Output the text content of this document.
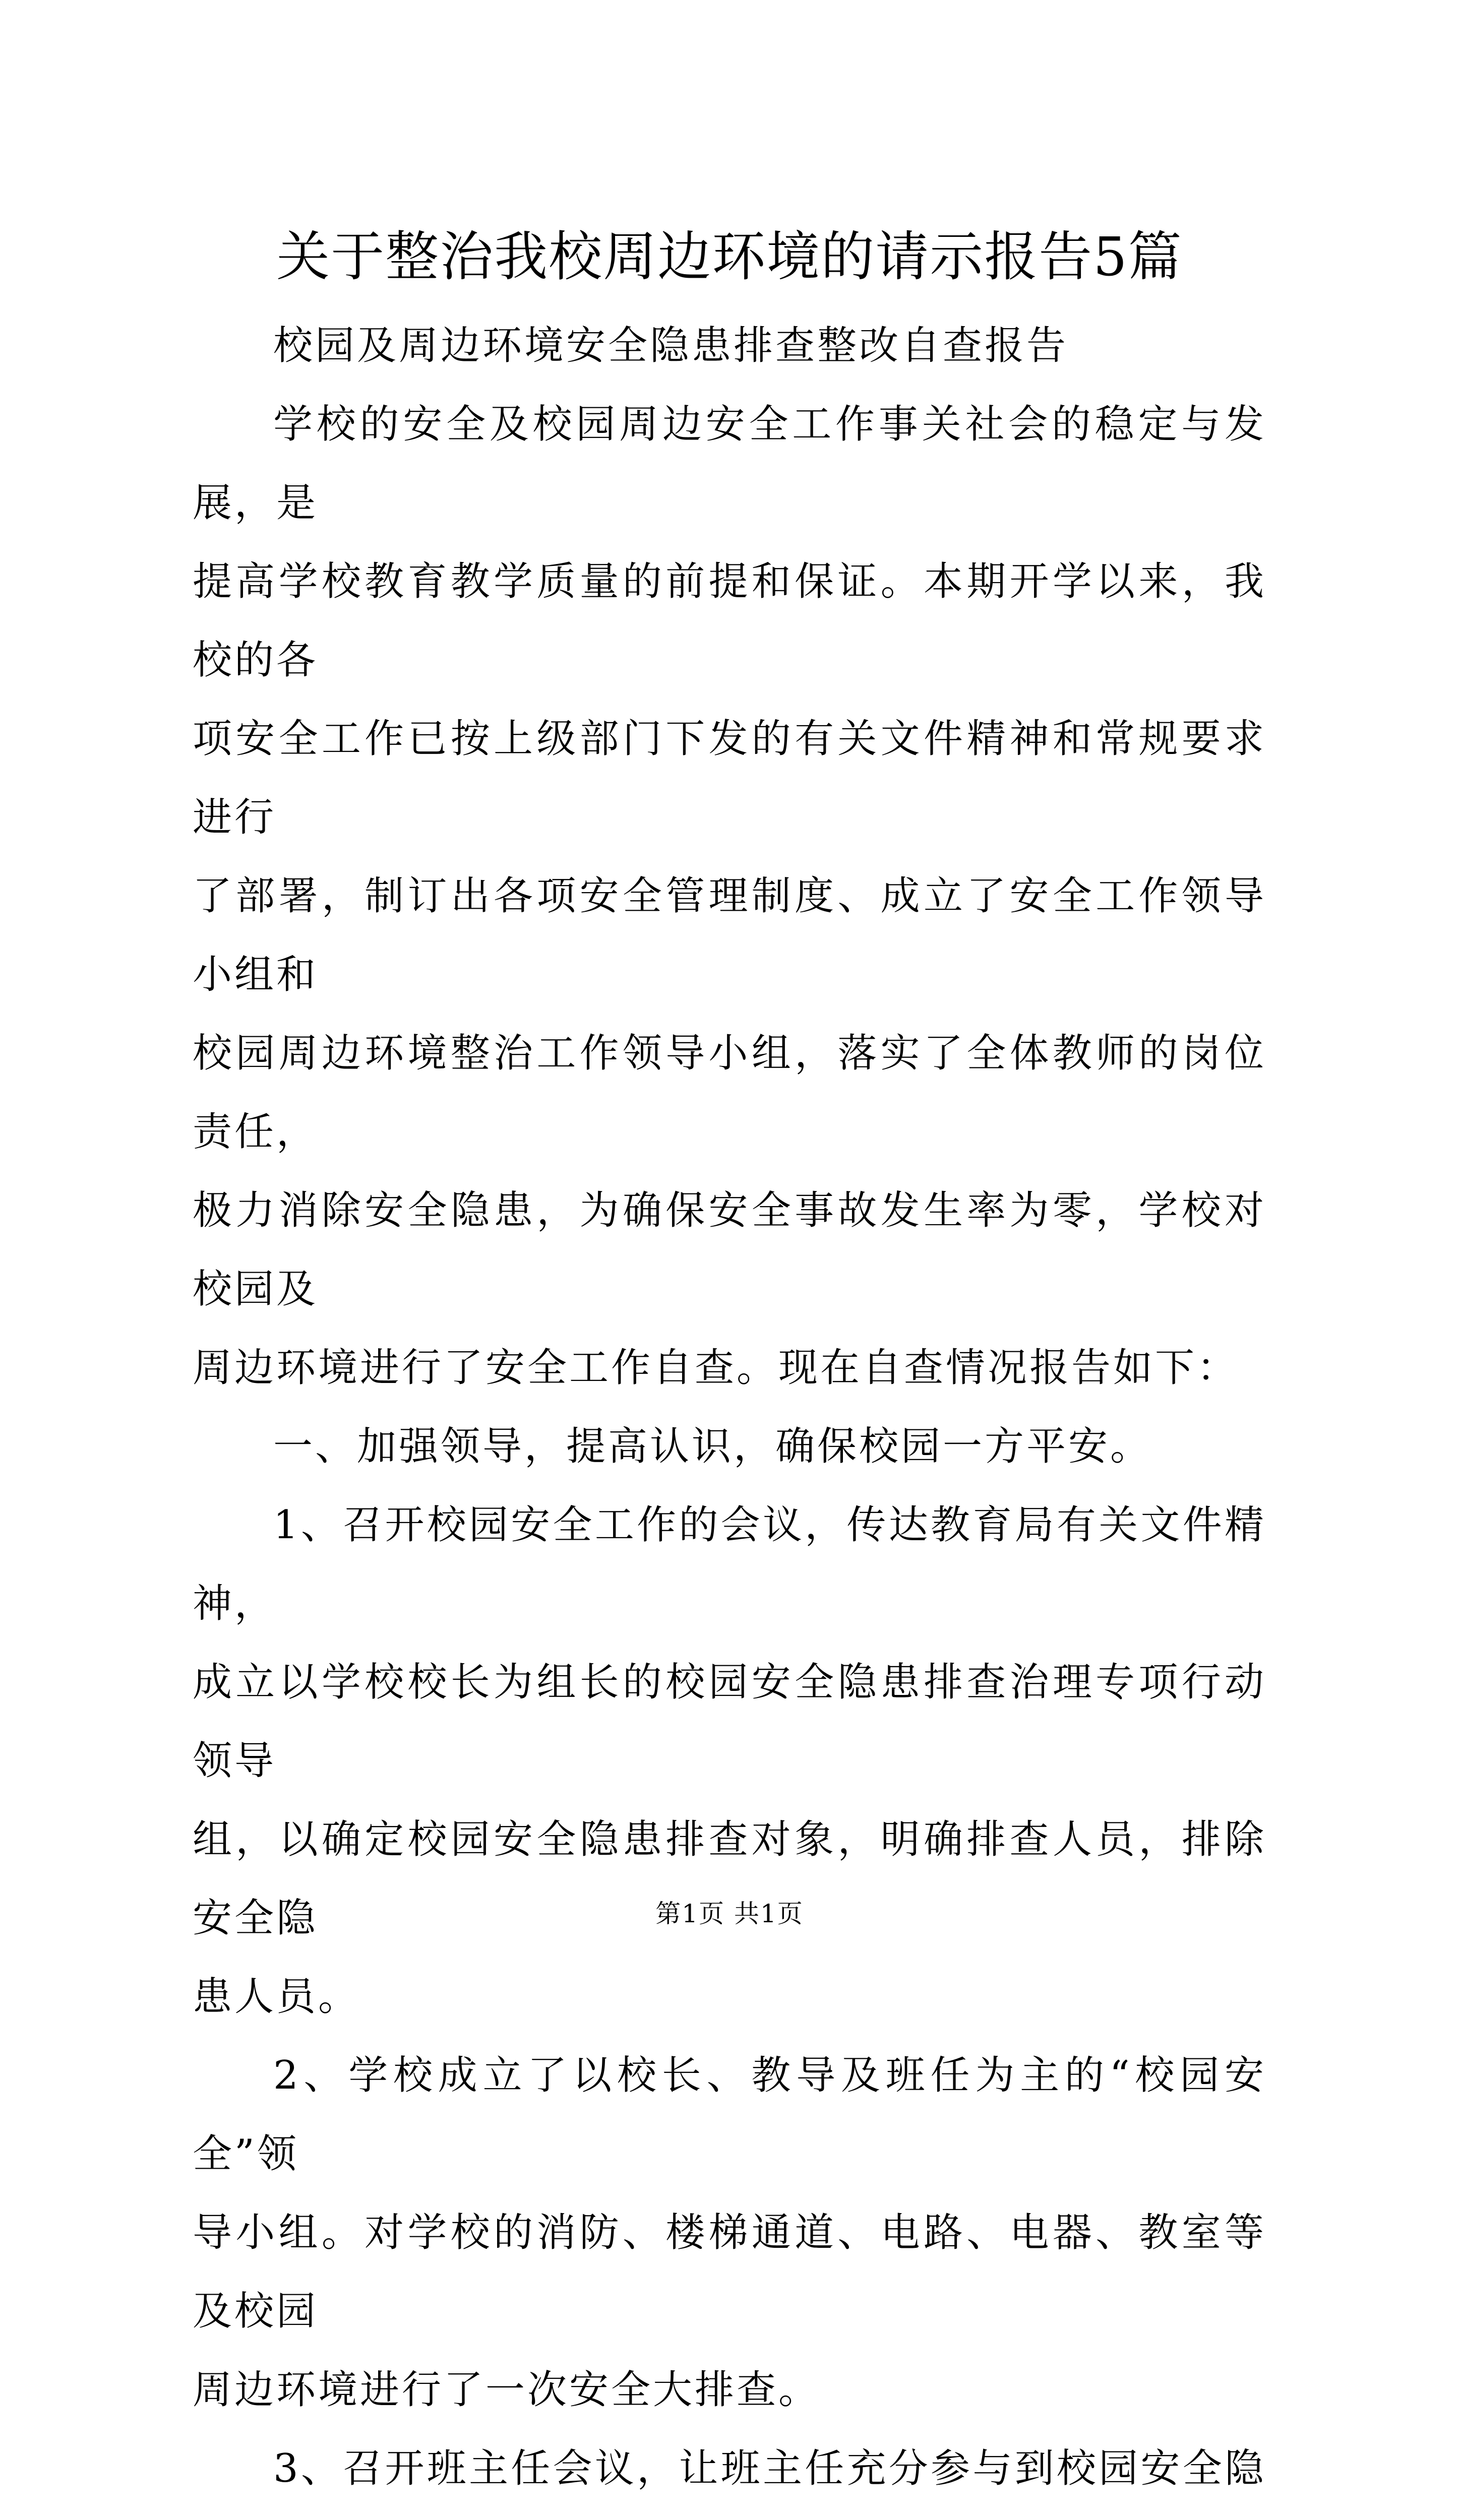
关于整治我校周边环境的请示报告5篇

校园及周边环境安全隐患排查整改自查报告

学校的安全及校园周边安全工作事关社会的稳定与发展，是
提高学校教育教学质量的前提和保证。本期开学以来，我校的各
项安全工作已按上级部门下发的有关文件精神和常规要求进行
了部署，制订出各项安全管理制度、成立了安全工作领导小组和
校园周边环境整治工作领导小组，落实了全体教师的岗位责任，
极力消除安全隐患，为确保安全事故发生率为零，学校对校园及
周边环境进行了安全工作自查。现在自查情况报告如下：

一、加强领导，提高认识，确保校园一方平安。

1、召开校园安全工作的会议，传达教育局有关文件精神，
成立以学校校长为组长的校园安全隐患排查治理专项行动领导
组，以确定校园安全隐患排查对象，明确排查人员，排除安全隐
患人员。

2、学校成立了以校长、教导及班任为主的“校园安全”领
导小组。对学校的消防、楼梯通道、电路、电器、教室等及校园
周边环境进行了一次安全大排查。

3、召开班主任会议，让班主任充分参与到校园安全隐

第1页 共1页
